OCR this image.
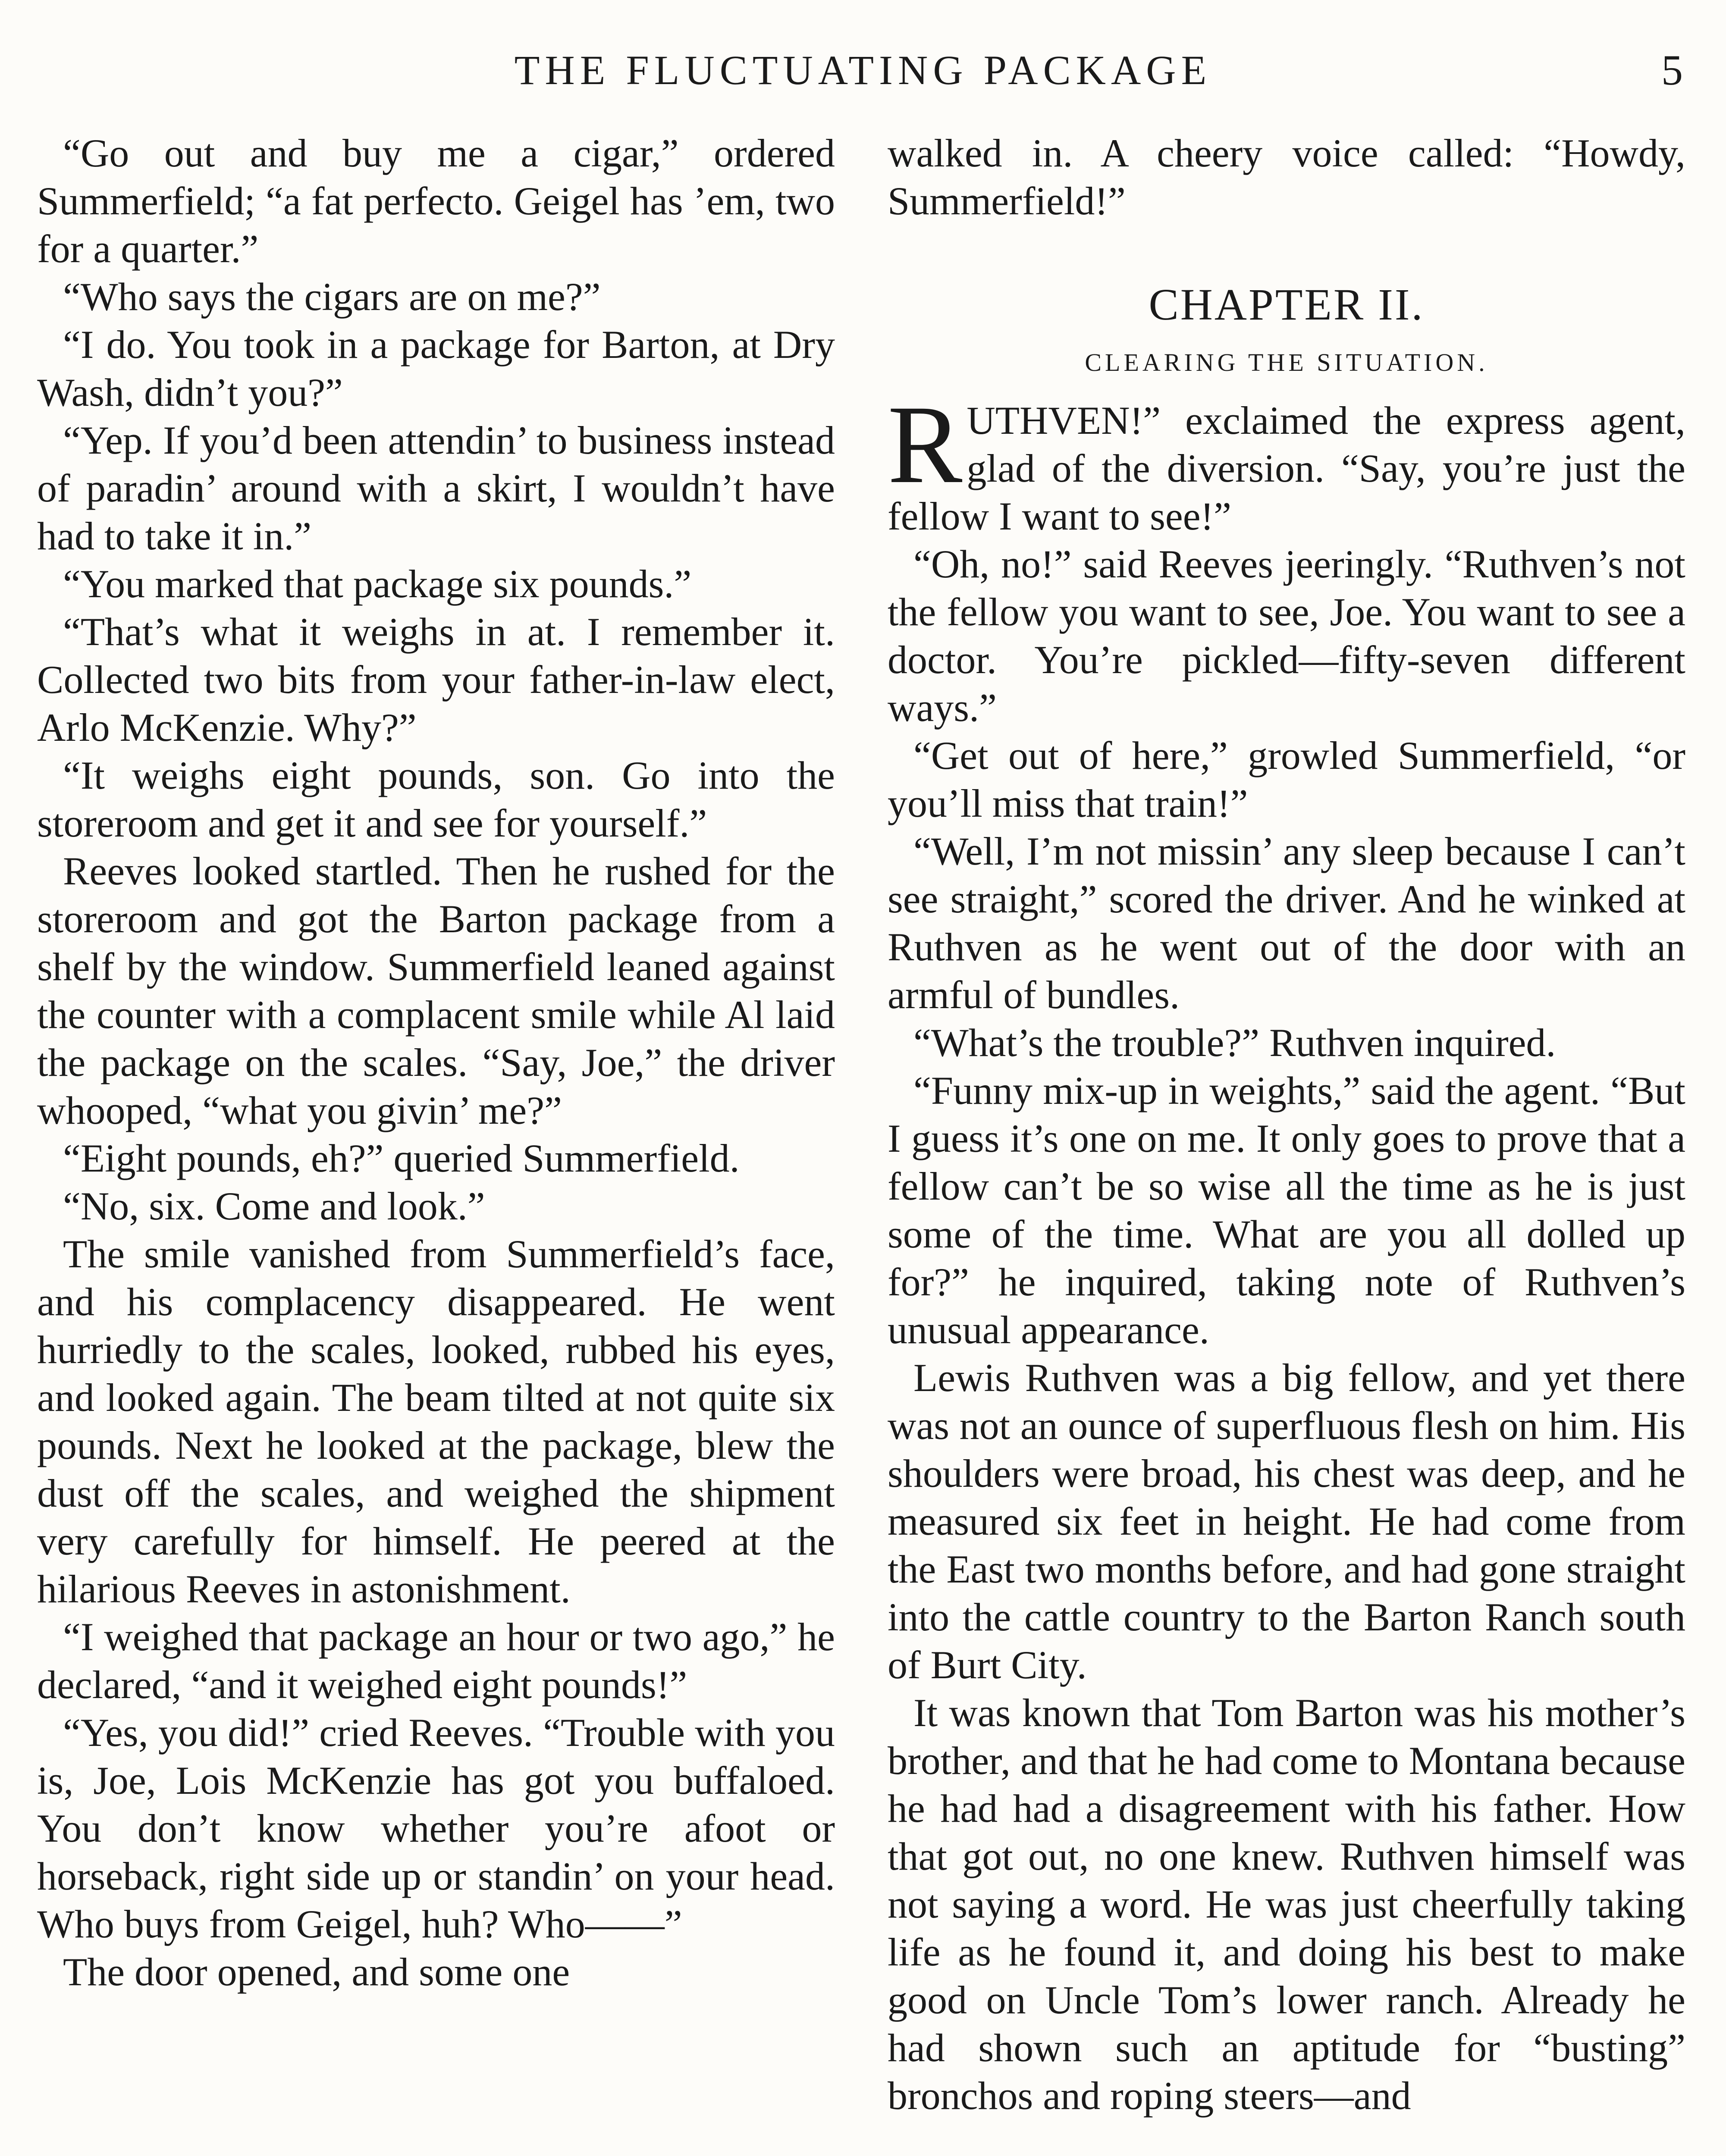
THE FLUCTUATING PACKAGE	5

“Go out and buy me a cigar,” ordered Summerfield; “a fat perfecto. Geigel has ’em, two for a quarter.”

“Who says the cigars are on me?”

“I do. You took in a package for Barton, at Dry Wash, didn’t you?”

“Yep. If you’d been attendin’ to business instead of paradin’ around with a skirt, I wouldn’t have had to take it in.”

“You marked that package six pounds.”

“That’s what it weighs in at. I remember it. Collected two bits from your father-in-law elect, Arlo McKenzie. Why?”

“It weighs eight pounds, son. Go into the storeroom and get it and see for yourself.”

Reeves looked startled. Then he rushed for the storeroom and got the Barton package from a shelf by the window. Summerfield leaned against the counter with a complacent smile while Al laid the package on the scales. “Say, Joe,” the driver whooped, “what you givin’ me?”

“Eight pounds, eh?” queried Summerfield.

“No, six. Come and look.”

The smile vanished from Summerfield’s face, and his complacency disappeared. He went hurriedly to the scales, looked, rubbed his eyes, and looked again. The beam tilted at not quite six pounds. Next he looked at the package, blew the dust off the scales, and weighed the shipment very carefully for himself. He peered at the hilarious Reeves in astonishment.

“I weighed that package an hour or two ago,” he declared, “and it weighed eight pounds!”

“Yes, you did!” cried Reeves. “Trouble with you is, Joe, Lois McKenzie has got you buffaloed. You don’t know whether you’re afoot or horseback, right side up or standin’ on your head. Who buys from Geigel, huh? Who——”

The door opened, and some one

walked in. A cheery voice called: “Howdy, Summerfield!”

CHAPTER II.

CLEARING THE SITUATION.

RUTHVEN!” exclaimed the express agent, glad of the diversion. “Say, you’re just the fellow I want to see!”

“Oh, no!” said Reeves jeeringly. “Ruthven’s not the fellow you want to see, Joe. You want to see a doctor. You’re pickled—fifty-seven different ways.”

“Get out of here,” growled Summerfield, “or you’ll miss that train!”

“Well, I’m not missin’ any sleep because I can’t see straight,” scored the driver. And he winked at Ruthven as he went out of the door with an armful of bundles.

“What’s the trouble?” Ruthven inquired.

“Funny mix-up in weights,” said the agent. “But I guess it’s one on me. It only goes to prove that a fellow can’t be so wise all the time as he is just some of the time. What are you all dolled up for?” he inquired, taking note of Ruthven’s unusual appearance.

Lewis Ruthven was a big fellow, and yet there was not an ounce of superfluous flesh on him. His shoulders were broad, his chest was deep, and he measured six feet in height. He had come from the East two months before, and had gone straight into the cattle country to the Barton Ranch south of Burt City.

It was known that Tom Barton was his mother’s brother, and that he had come to Montana because he had had a disagreement with his father. How that got out, no one knew. Ruthven himself was not saying a word. He was just cheerfully taking life as he found it, and doing his best to make good on Uncle Tom’s lower ranch. Already he had shown such an aptitude for “busting” bronchos and roping steers—and
